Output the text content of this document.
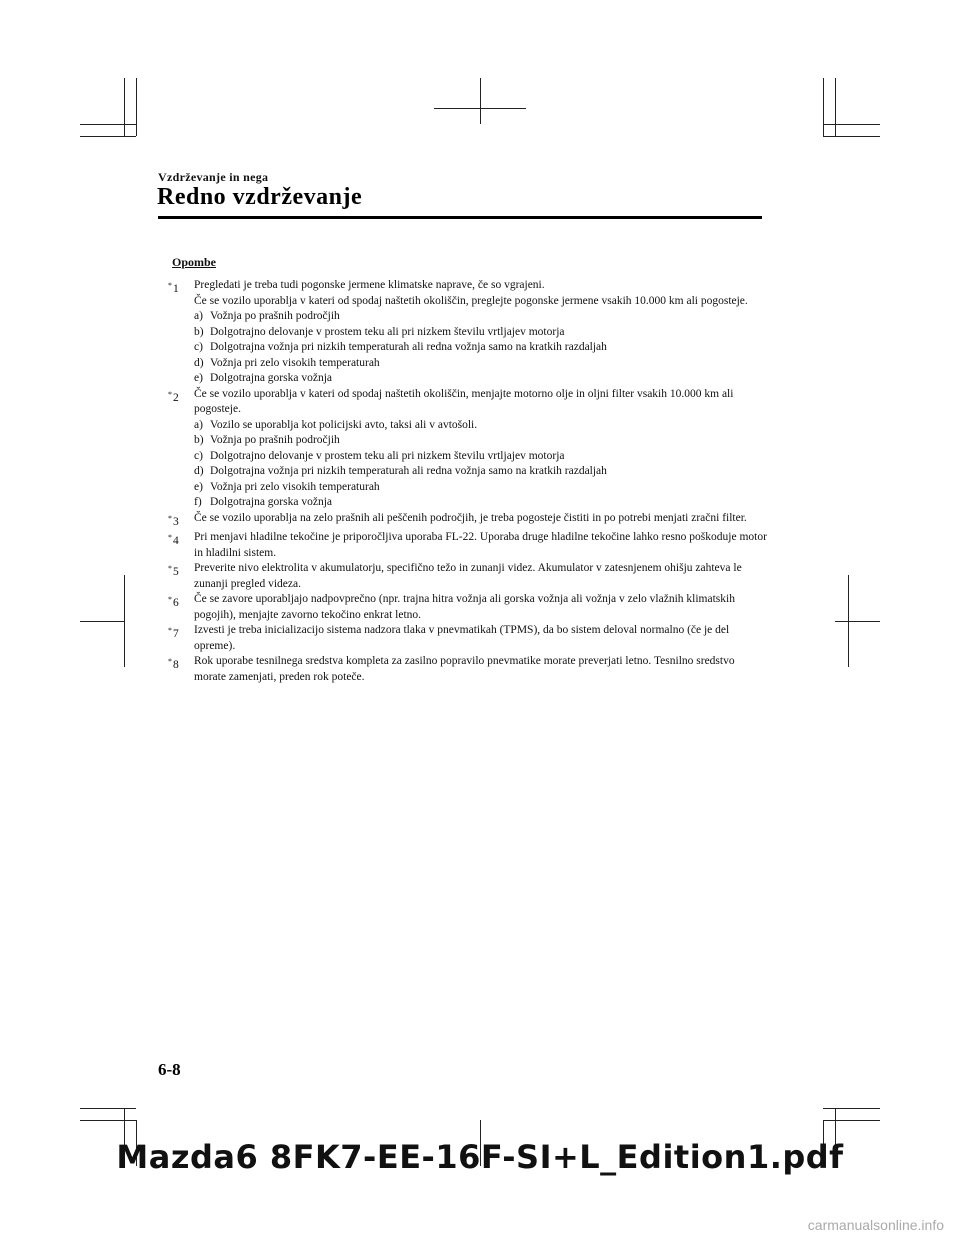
Vzdrževanje in nega
Redno vzdrževanje
Opombe
*1	Pregledati je treba tudi pogonske jermene klimatske naprave, če so vgrajeni.
Če se vozilo uporablja v kateri od spodaj naštetih okoliščin, preglejte pogonske jermene vsakih 10.000 km ali pogosteje.
a) Vožnja po prašnih področjih
b) Dolgotrajno delovanje v prostem teku ali pri nizkem številu vrtljajev motorja
c) Dolgotrajna vožnja pri nizkih temperaturah ali redna vožnja samo na kratkih razdaljah
d) Vožnja pri zelo visokih temperaturah
e) Dolgotrajna gorska vožnja
*2	Če se vozilo uporablja v kateri od spodaj naštetih okoliščin, menjajte motorno olje in oljni filter vsakih 10.000 km ali pogosteje.
a) Vozilo se uporablja kot policijski avto, taksi ali v avtošoli.
b) Vožnja po prašnih področjih
c) Dolgotrajno delovanje v prostem teku ali pri nizkem številu vrtljajev motorja
d) Dolgotrajna vožnja pri nizkih temperaturah ali redna vožnja samo na kratkih razdaljah
e) Vožnja pri zelo visokih temperaturah
f) Dolgotrajna gorska vožnja
*3	Če se vozilo uporablja na zelo prašnih ali peščenih področjih, je treba pogosteje čistiti in po potrebi menjati zračni filter.
*4	Pri menjavi hladilne tekočine je priporočljiva uporaba FL-22. Uporaba druge hladilne tekočine lahko resno poškoduje motor in hladilni sistem.
*5	Preverite nivo elektrolita v akumulatorju, specifično težo in zunanji videz. Akumulator v zatesnjenem ohišju zahteva le zunanji pregled videza.
*6	Če se zavore uporabljajo nadpovprečno (npr. trajna hitra vožnja ali gorska vožnja ali vožnja v zelo vlažnih klimatskih pogojih), menjajte zavorno tekočino enkrat letno.
*7	Izvesti je treba inicializacijo sistema nadzora tlaka v pnevmatikah (TPMS), da bo sistem deloval normalno (če je del opreme).
*8	Rok uporabe tesnilnega sredstva kompleta za zasilno popravilo pnevmatike morate preverjati letno. Tesnilno sredstvo morate zamenjati, preden rok poteče.
6-8
Mazda6 8FK7-EE-16F-SI+L_Edition1.pdf
carmanualsonline.info
